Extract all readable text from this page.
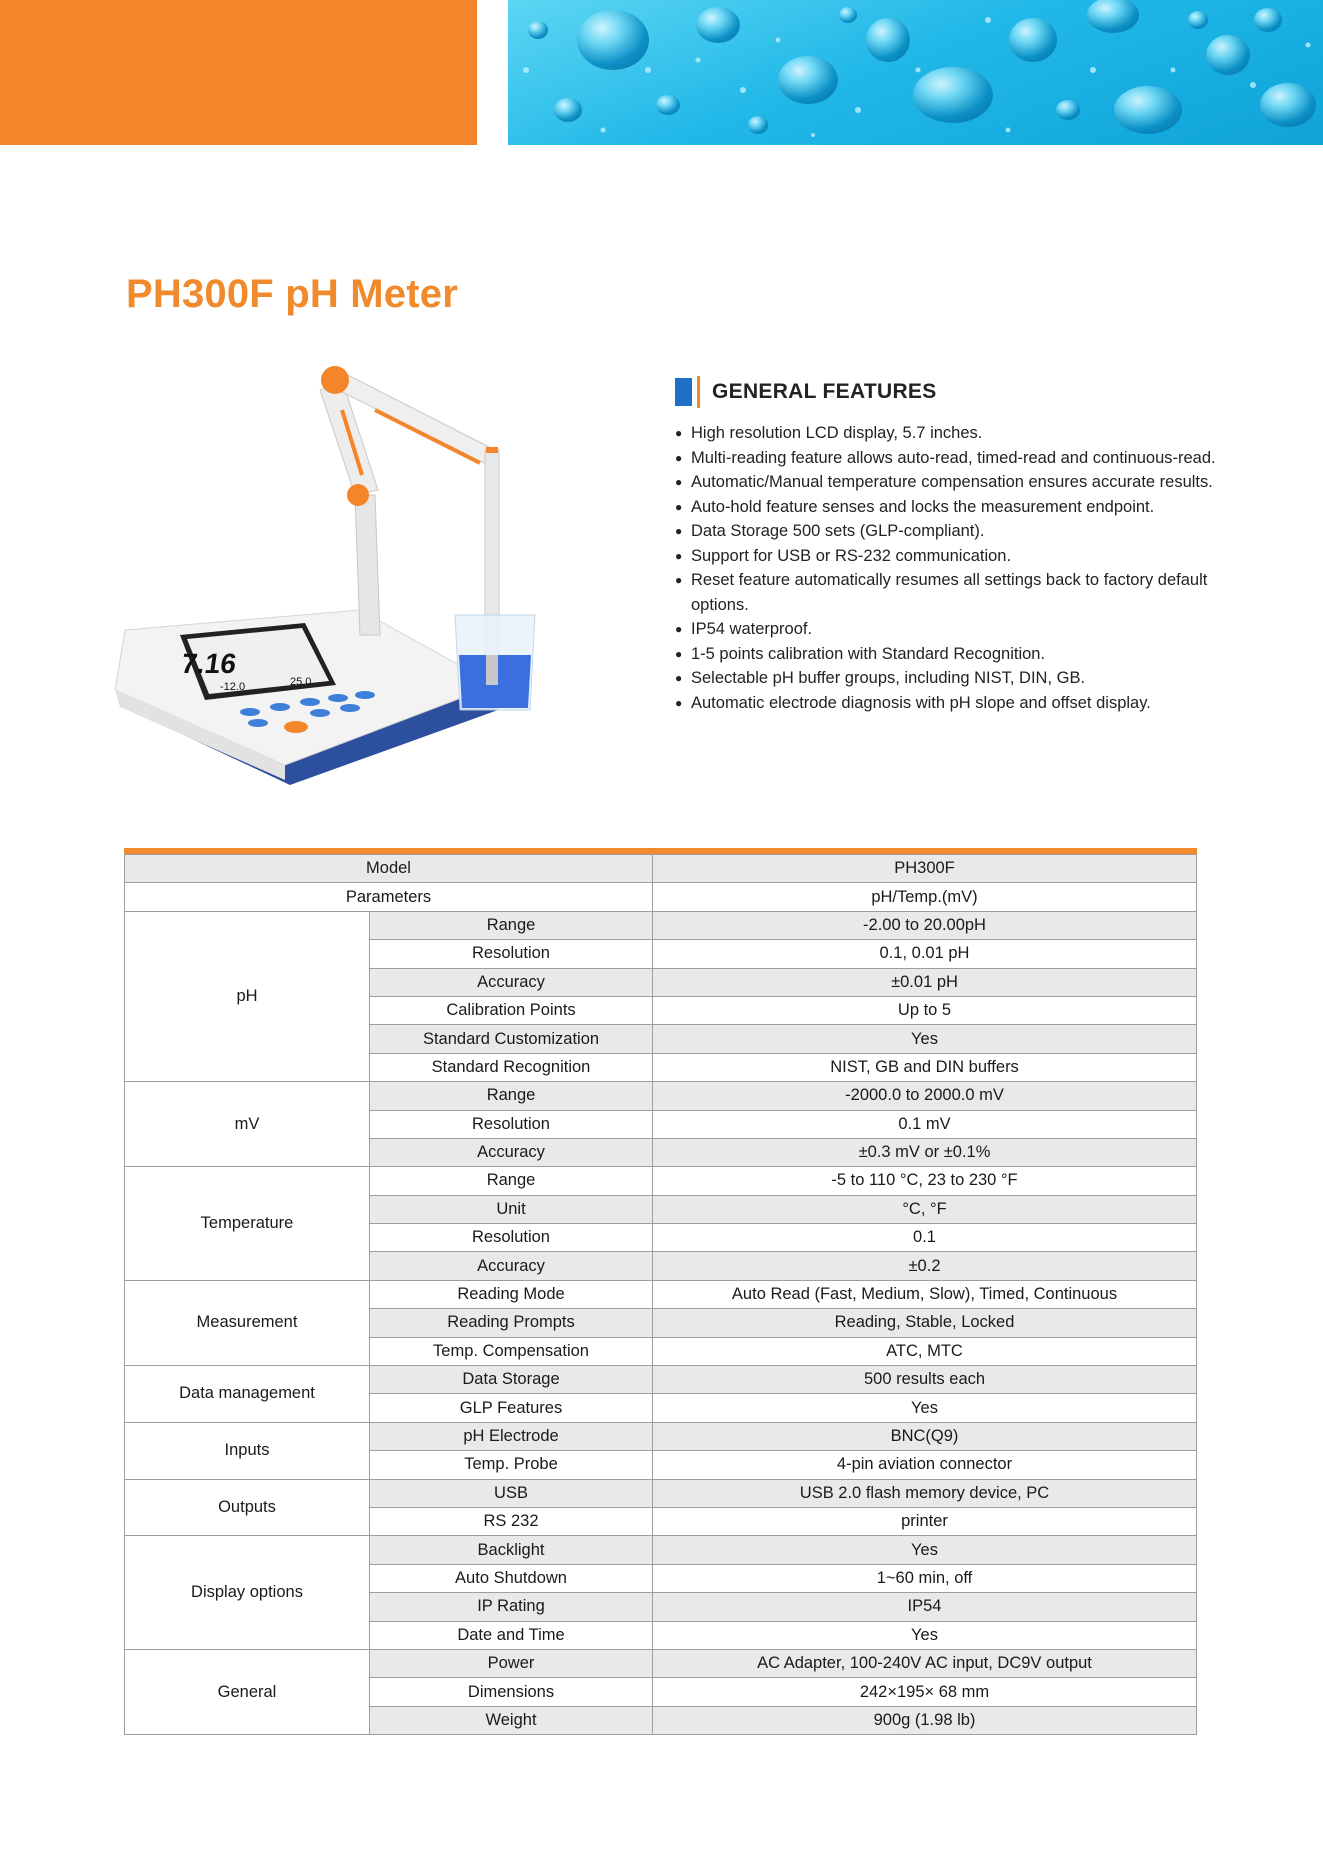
PH300F pH Meter
7.16
-12.0	25.0
GENERAL FEATURES
● High resolution LCD display, 5.7 inches.
● Multi-reading feature allows auto-read, timed-read and continuous-read.
● Automatic/Manual temperature compensation ensures accurate results.
● Auto-hold feature senses and locks the measurement endpoint.
● Data Storage 500 sets (GLP-compliant).
● Support for USB or RS-232 communication.
● Reset feature automatically resumes all settings back to factory default options.
● IP54 waterproof.
● 1-5 points calibration with Standard Recognition.
● Selectable pH buffer groups, including NIST, DIN, GB.
● Automatic electrode diagnosis with pH slope and offset display.
Model		PH300F
Parameters		pH/Temp.(mV)
pH	Range	-2.00 to 20.00pH
	Resolution	0.1, 0.01 pH
	Accuracy	±0.01 pH
	Calibration Points	Up to 5
	Standard Customization	Yes
	Standard Recognition	NIST, GB and DIN buffers
mV	Range	-2000.0 to 2000.0 mV
	Resolution	0.1 mV
	Accuracy	±0.3 mV or ±0.1%
Temperature	Range	-5 to 110 °C, 23 to 230 °F
	Unit	°C, °F
	Resolution	0.1
	Accuracy	±0.2
Measurement	Reading Mode	Auto Read (Fast, Medium, Slow), Timed, Continuous
	Reading Prompts	Reading, Stable, Locked
	Temp. Compensation	ATC, MTC
Data management	Data Storage	500 results each
	GLP Features	Yes
Inputs	pH Electrode	BNC(Q9)
	Temp. Probe	4-pin aviation connector
Outputs	USB	USB 2.0 flash memory device, PC
	RS 232	printer
Display options	Backlight	Yes
	Auto Shutdown	1~60 min, off
	IP Rating	IP54
	Date and Time	Yes
General	Power	AC Adapter, 100-240V AC input, DC9V output
	Dimensions	242×195× 68 mm
	Weight	900g (1.98 lb)
